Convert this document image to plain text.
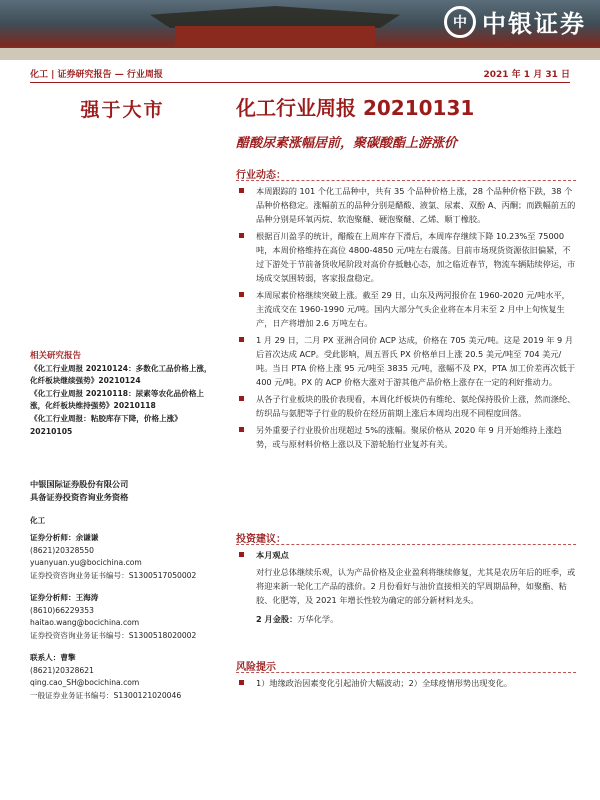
中 中银证券
化工 | 证券研究报告 — 行业周报	2021 年 1 月 31 日
强于大市	化工行业周报 20210131
醋酸尿素涨幅居前，聚碳酸酯上游涨价
行业动态：
本周跟踪的 101 个化工品种中，共有 35 个品种价格上涨，28 个品种价格下跌，38 个品种价格稳定。涨幅前五的品种分别是醋酸、液氯、尿素、双酚 A、丙酮；而跌幅前五的品种分别是环氧丙烷、软泡聚醚、硬泡聚醚、乙烯、顺丁橡胶。
根据百川盈孚的统计，醋酸在上周库存下滑后，本周库存继续下降 10.23%至 75000 吨，本周价格维持在高位 4800-4850 元/吨左右震荡。目前市场现货资源依旧偏紧，不过下游处于节前备货收尾阶段对高价存抵触心态，加之临近春节，物流车辆陆续停运，市场成交氛围转弱，客家报盘稳定。
本周尿素价格继续突破上涨。截至 29 日，山东及两河报价在 1960-2020 元/吨水平，主流成交在 1960-1990 元/吨。国内大部分气头企业将在本月末至 2 月中上旬恢复生产，日产将增加 2.6 万吨左右。
1 月 29 日，二月 PX 亚洲合同价 ACP 达成，价格在 705 美元/吨。这是 2019 年 9 月后首次达成 ACP。受此影响，周五晋氏 PX 价格单日上涨 20.5 美元/吨至 704 美元/吨。当日 PTA 价格上涨 95 元/吨至 3835 元/吨，涨幅不及 PX，PTA 加工价差再次低于 400 元/吨。PX 的 ACP 价格大涨对于游其他产品价格上涨存在一定的利好推动力。
从各子行业板块的股价表现看，本周化纤板块仍有维纶、氨纶保持股价上涨，然而涤纶、纺织品与氨肥等子行业的股价在经历前期上涨后本周均出现不同程度回落。
另外重要子行业股价出现超过 5%的涨幅。聚尿价格从 2020 年 9 月开始维持上涨趋势，或与原材料价格上涨以及下游轮胎行业复苏有关。
投资建议：
本月观点
对行业总体继续乐观，认为产品价格及企业盈利将继续修复，尤其是农历年后的旺季，或将迎来新一轮化工产品的涨价。2 月份看好与油价直接相关的罕周期品种，如聚酯、粘胶、化肥等，及 2021 年增长性较为确定的部分新材料龙头。
2 月金股：万华化学。
风险提示
1）地缘政治因素变化引起油价大幅波动；2）全球疫情形势出现变化。
相关研究报告
《化工行业周报 20210124：多数化工品价格上涨，化纤板块继续强势》20210124
《化工行业周报 20210118：尿素等农化品价格上涨，化纤板块维持强势》20210118
《化工行业周报：粘胶库存下降，价格上涨》20210105
中银国际证券股份有限公司
具备证券投资咨询业务资格
化工
证券分析师：余谦谦
(8621)20328550
yuanyuan.yu@bocichina.com
证券投资咨询业务证书编号：S1300517050002
证券分析师：王海涛
(8610)66229353
haitao.wang@bocichina.com
证券投资咨询业务证书编号：S1300518020002
联系人：曹擎
(8621)20328621
qing.cao_SH@bocichina.com
一般证券业务证书编号：S1300121020046
